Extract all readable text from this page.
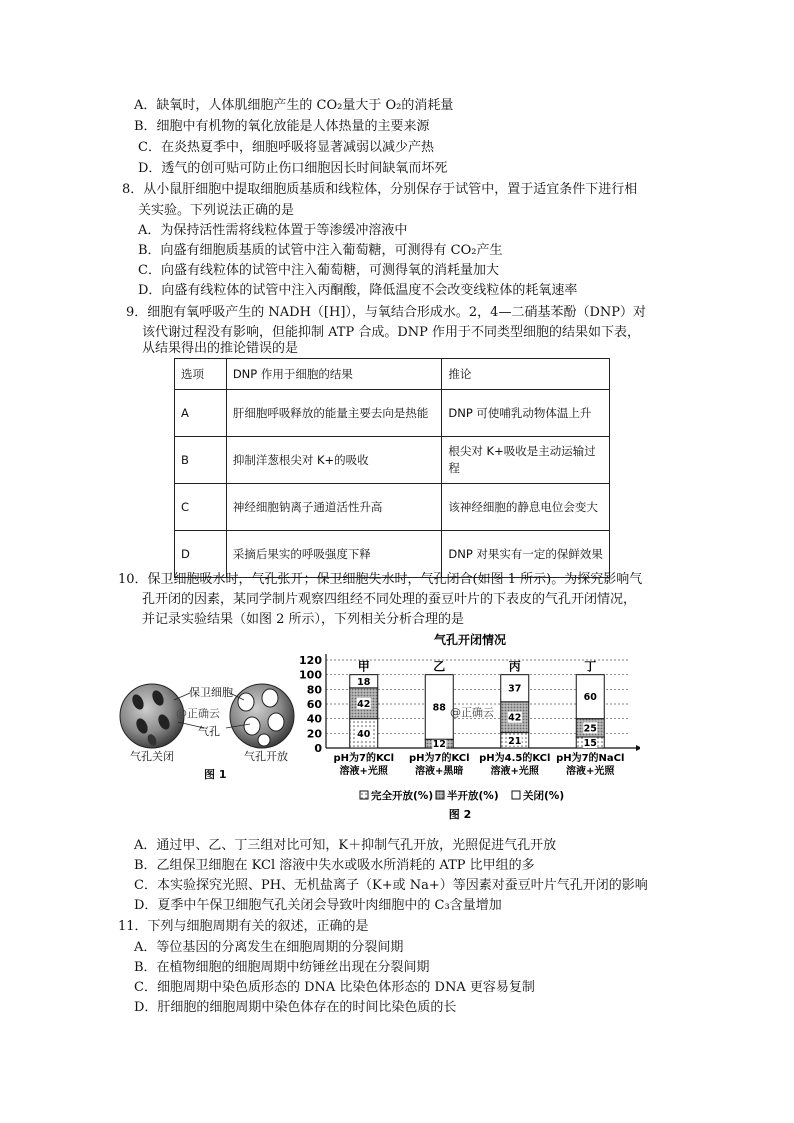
A．缺氧时，人体肌细胞产生的 CO₂量大于 O₂的消耗量
B．细胞中有机物的氧化放能是人体热量的主要来源
C．在炎热夏季中，细胞呼吸将显著减弱以减少产热
D．透气的创可贴可防止伤口细胞因长时间缺氧而坏死
8．从小鼠肝细胞中提取细胞质基质和线粒体，分别保存于试管中，置于适宜条件下进行相
关实验。下列说法正确的是
A．为保持活性需将线粒体置于等渗缓冲溶液中
B．向盛有细胞质基质的试管中注入葡萄糖，可测得有 CO₂产生
C．向盛有线粒体的试管中注入葡萄糖，可测得氧的消耗量加大
D．向盛有线粒体的试管中注入丙酮酸，降低温度不会改变线粒体的耗氧速率
9．细胞有氧呼吸产生的 NADH（[H]），与氧结合形成水。2，4—二硝基苯酚（DNP）对
该代谢过程没有影响，但能抑制 ATP 合成。DNP 作用于不同类型细胞的结果如下表，
从结果得出的推论错误的是
选项	DNP 作用于细胞的结果	推论
A	肝细胞呼吸释放的能量主要去向是热能	DNP 可使哺乳动物体温上升
B	抑制洋葱根尖对 K+的吸收	根尖对 K+吸收是主动运输过程
C	神经细胞钠离子通道活性升高	该神经细胞的静息电位会变大
D	采摘后果实的呼吸强度下释	DNP 对果实有一定的保鲜效果
10．保卫细胞吸水时，气孔张开；保卫细胞失水时，气孔闭合(如图 1 所示)。为探究影响气
孔开闭的因素，某同学制片观察四组经不同处理的蚕豆叶片的下表皮的气孔开闭情况，
并记录实验结果（如图 2 所示），下列相关分析合理的是
保卫细胞
@正确云
气孔
气孔关闭	气孔开放
图 1
气孔开闭情况
0
20
40
60
80
100
120
40
42
18
甲
pH为7的KCl
溶液+光照
12
88
乙
pH为7的KCl
溶液+黑暗
21
42
37
丙
pH为4.5的KCl
溶液+光照
15
25
60
丁
pH为7的NaCl
溶液+光照
@正确云
完全开放(%) 半开放(%) 关闭(%)
图 2
A．通过甲、乙、丁三组对比可知，K＋抑制气孔开放，光照促进气孔开放
B．乙组保卫细胞在 KCl 溶液中失水或吸水所消耗的 ATP 比甲组的多
C．本实验探究光照、PH、无机盐离子（K+或 Na+）等因素对蚕豆叶片气孔开闭的影响
D．夏季中午保卫细胞气孔关闭会导致叶肉细胞中的 C₃含量增加
11．下列与细胞周期有关的叙述，正确的是
A．等位基因的分离发生在细胞周期的分裂间期
B．在植物细胞的细胞周期中纺锤丝出现在分裂间期
C．细胞周期中染色质形态的 DNA 比染色体形态的 DNA 更容易复制
D．肝细胞的细胞周期中染色体存在的时间比染色质的长
